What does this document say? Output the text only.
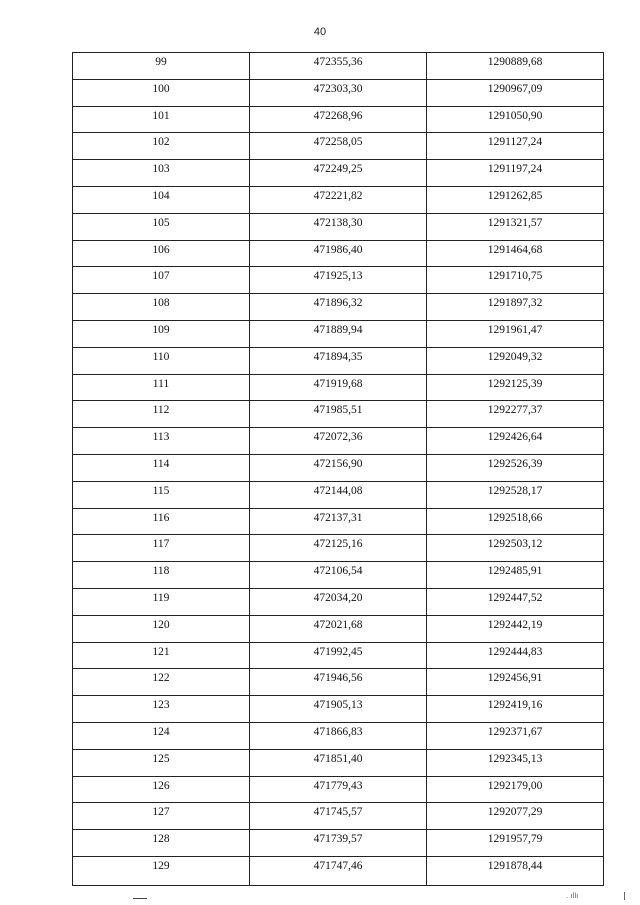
40
99	472355,36	1290889,68
100	472303,30	1290967,09
101	472268,96	1291050,90
102	472258,05	1291127,24
103	472249,25	1291197,24
104	472221,82	1291262,85
105	472138,30	1291321,57
106	471986,40	1291464,68
107	471925,13	1291710,75
108	471896,32	1291897,32
109	471889,94	1291961,47
110	471894,35	1292049,32
111	471919,68	1292125,39
112	471985,51	1292277,37
113	472072,36	1292426,64
114	472156,90	1292526,39
115	472144,08	1292528,17
116	472137,31	1292518,66
117	472125,16	1292503,12
118	472106,54	1292485,91
119	472034,20	1292447,52
120	472021,68	1292442,19
121	471992,45	1292444,83
122	471946,56	1292456,91
123	471905,13	1292419,16
124	471866,83	1292371,67
125	471851,40	1292345,13
126	471779,43	1292179,00
127	471745,57	1292077,29
128	471739,57	1291957,79
129	471747,46	1291878,44
. ıllı
